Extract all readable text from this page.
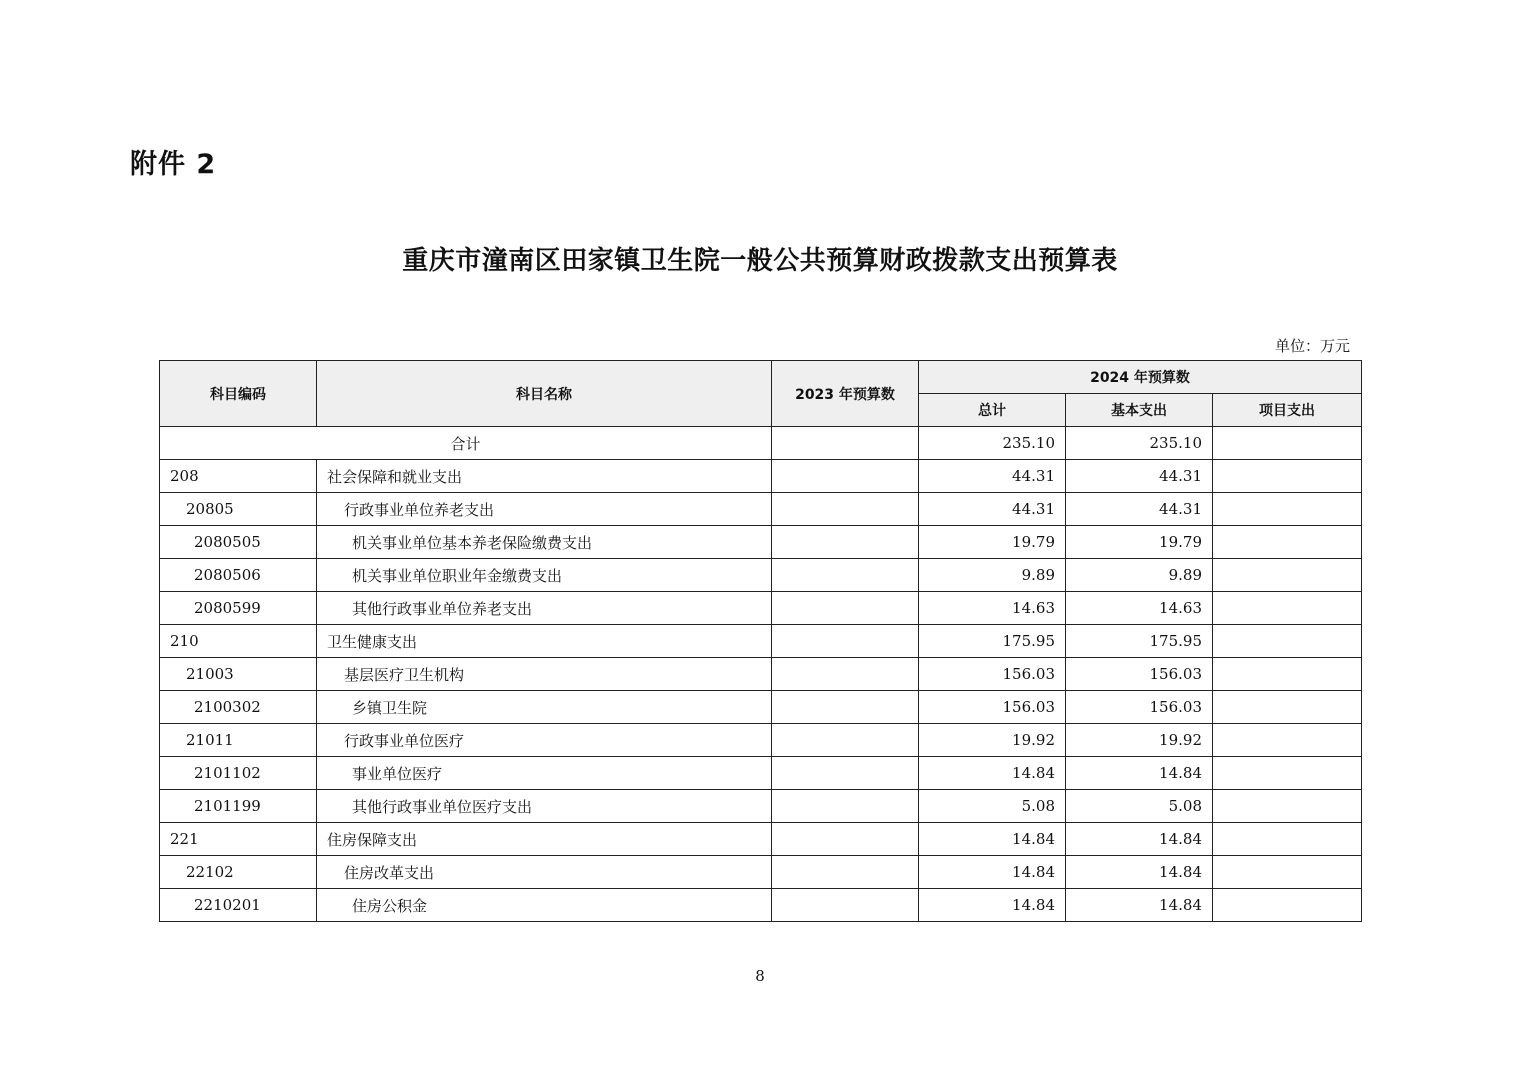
附件 2
重庆市潼南区田家镇卫生院一般公共预算财政拨款支出预算表
单位：万元
科目编码	科目名称	2023 年预算数	2024 年预算数		
			总计	基本支出	项目支出
合计			235.10	235.10	
208	社会保障和就业支出		44.31	44.31	
20805	行政事业单位养老支出		44.31	44.31	
2080505	机关事业单位基本养老保险缴费支出		19.79	19.79	
2080506	机关事业单位职业年金缴费支出		9.89	9.89	
2080599	其他行政事业单位养老支出		14.63	14.63	
210	卫生健康支出		175.95	175.95	
21003	基层医疗卫生机构		156.03	156.03	
2100302	乡镇卫生院		156.03	156.03	
21011	行政事业单位医疗		19.92	19.92	
2101102	事业单位医疗		14.84	14.84	
2101199	其他行政事业单位医疗支出		5.08	5.08	
221	住房保障支出		14.84	14.84	
22102	住房改革支出		14.84	14.84	
2210201	住房公积金		14.84	14.84	
8
